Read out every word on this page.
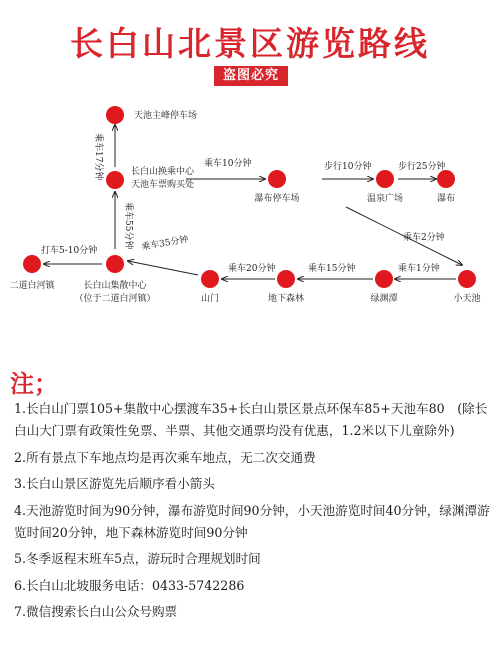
长白山北景区游览路线
盗图必究
乘车17分钟
乘车55分钟
乘车10分钟	步行10分钟	步行25分钟
乘车2分钟
打车5-10分钟	乘车35分钟
乘车20分钟	乘车15分钟	乘车1分钟
天池主峰停车场
长白山换乘中心
天池车票购买处
瀑布停车场	温泉广场	瀑布
二道白河镇	长白山集散中心
（位于二道白河镇）	山门	地下森林	绿渊潭	小天池
注；

1.长白山门票105+集散中心摆渡车35+长白山景区景点环保车85+天池车80　(除长白山大门票有政策性免票、半票、其他交通票均没有优惠，1.2米以下儿童除外)

2.所有景点下车地点均是再次乘车地点，无二次交通费

3.长白山景区游览先后顺序看小箭头

4.天池游览时间为90分钟，瀑布游览时间90分钟，小天池游览时间40分钟，绿渊潭游览时间20分钟，地下森林游览时间90分钟

5.冬季返程末班车5点，游玩时合理规划时间

6.长白山北坡服务电话：0433-5742286

7.微信搜索长白山公众号购票
